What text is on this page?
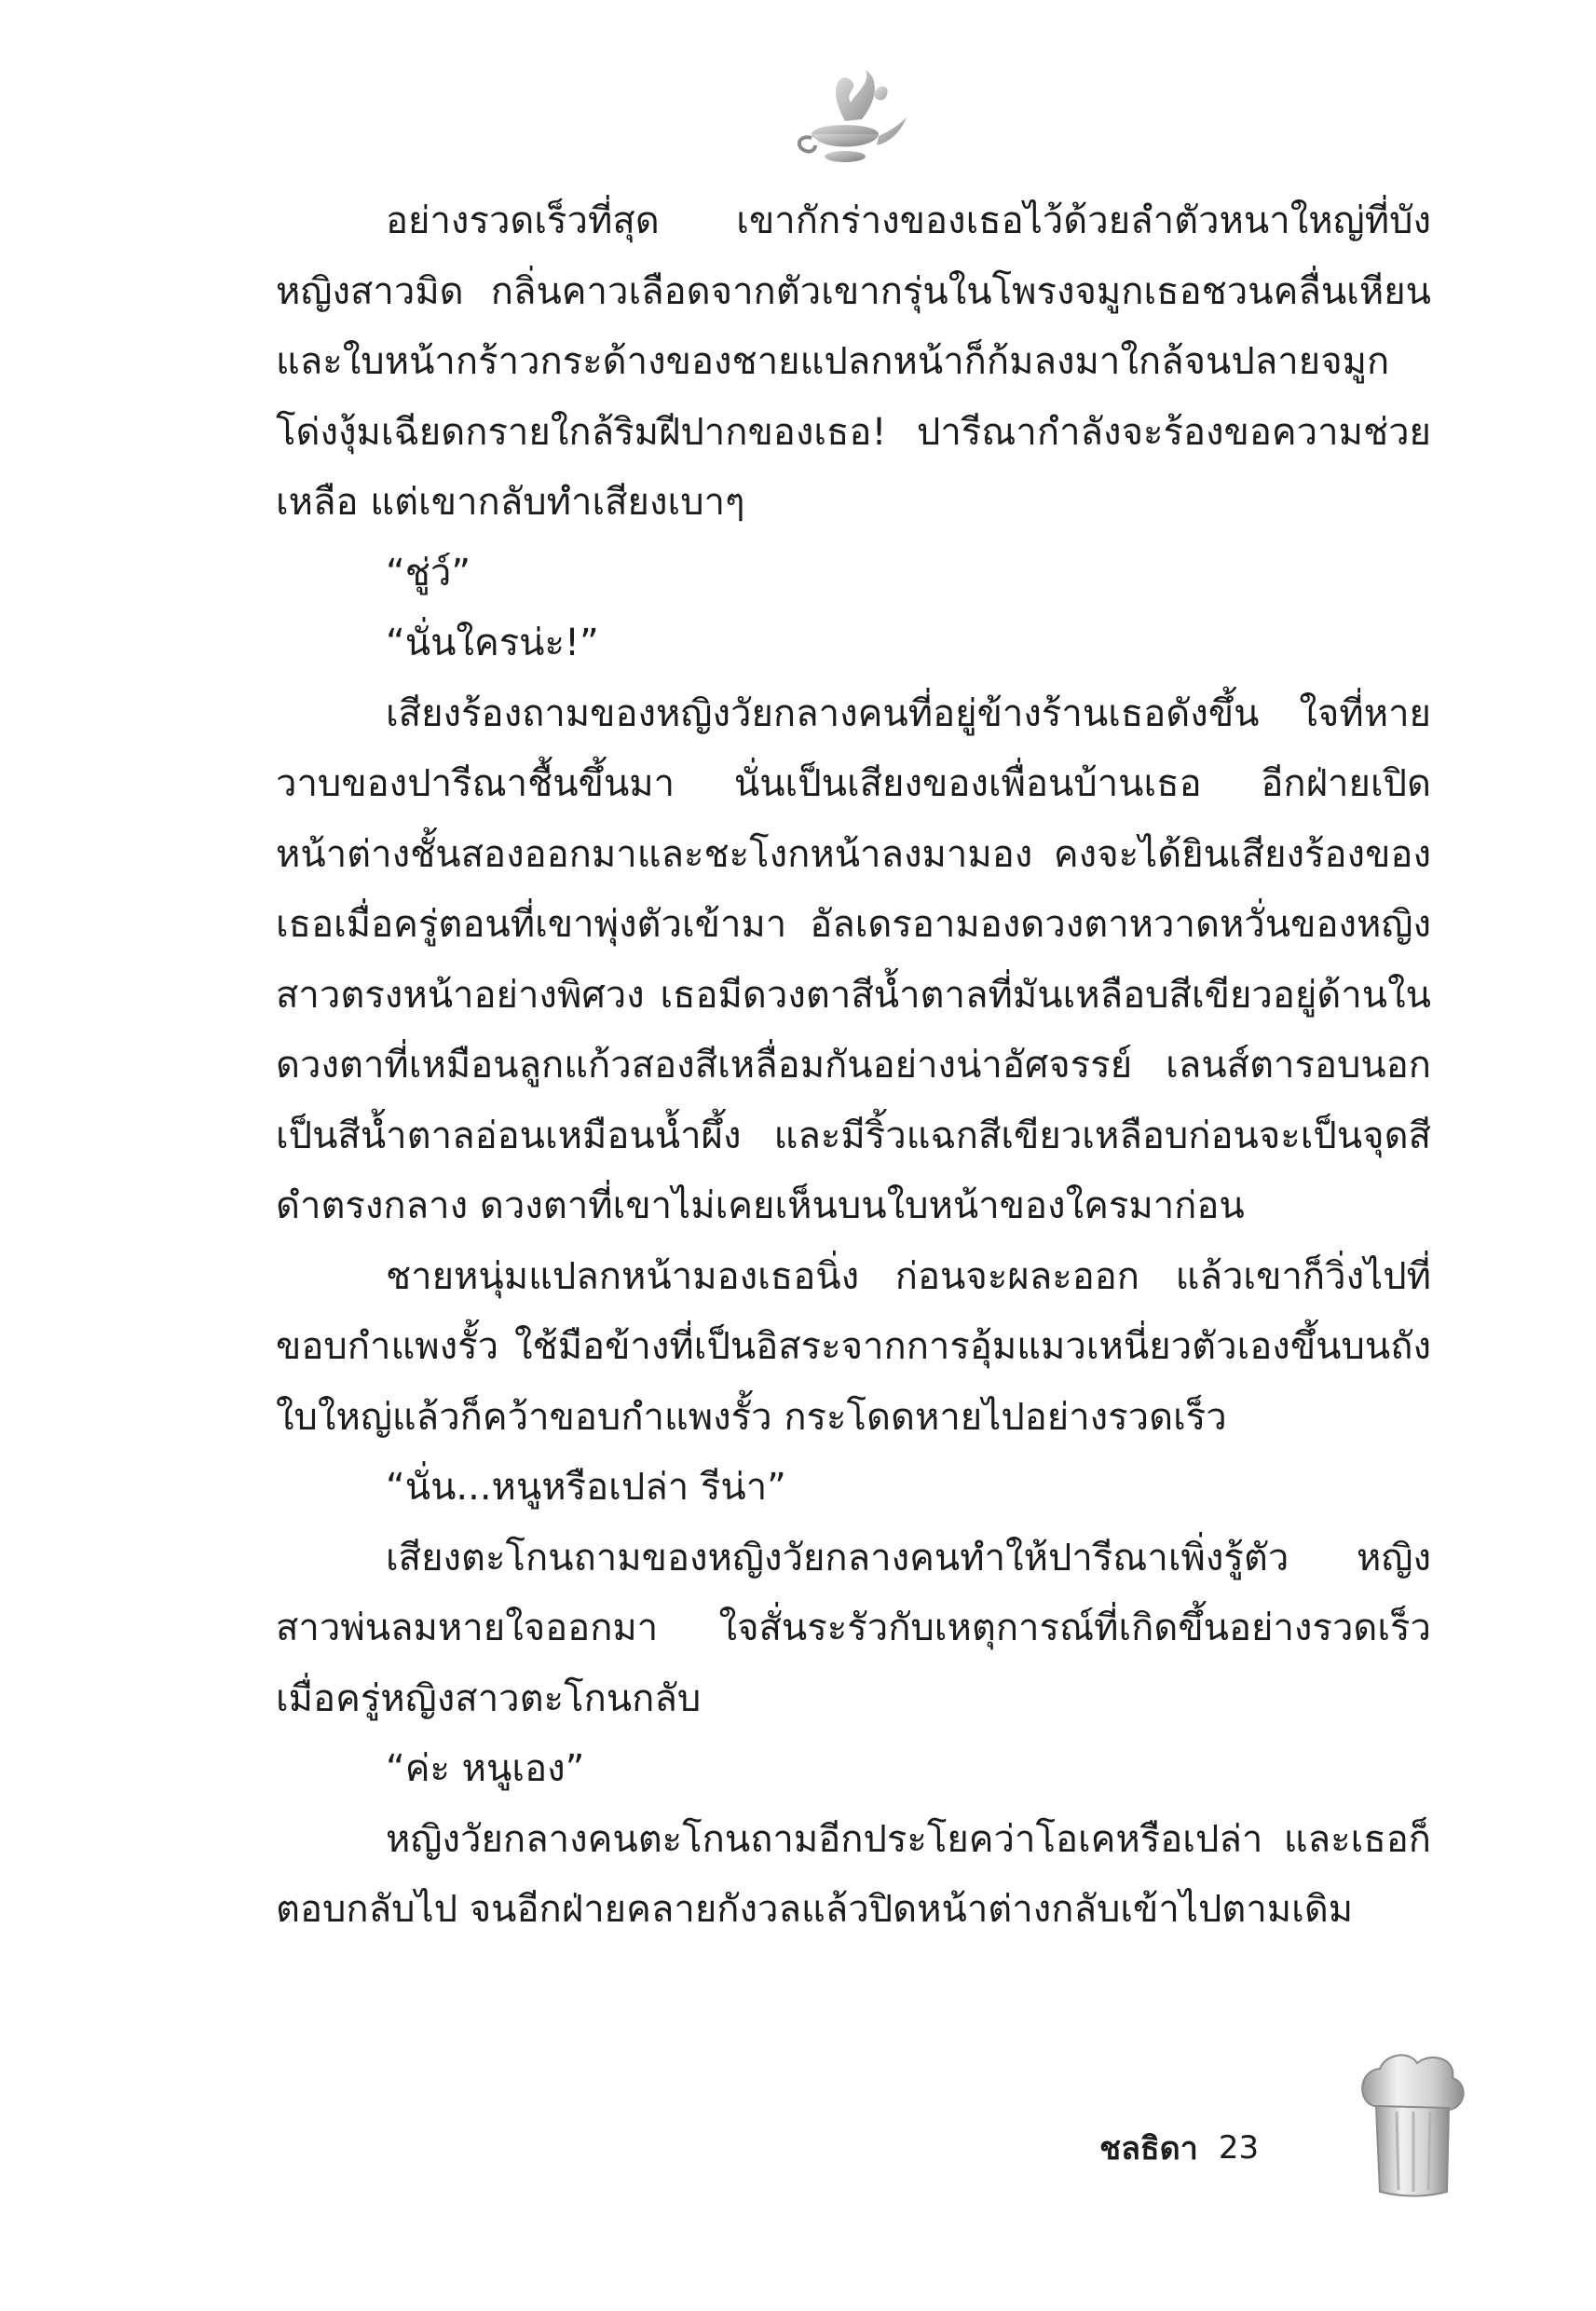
อย่างรวดเร็วที่สุด เขากักร่างของเธอไว้ด้วยลำตัวหนาใหญ่ที่บังหญิงสาวมิด กลิ่นคาวเลือดจากตัวเขากรุ่นในโพรงจมูกเธอชวนคลื่นเหียน และใบหน้ากร้าวกระด้างของชายแปลกหน้าก็ก้มลงมาใกล้จนปลายจมูกโด่งงุ้มเฉียดกรายใกล้ริมฝีปากของเธอ! ปารีณากำลังจะร้องขอความช่วยเหลือ แต่เขากลับทำเสียงเบาๆ

“ชู่ว์”

“นั่นใครน่ะ!”

เสียงร้องถามของหญิงวัยกลางคนที่อยู่ข้างร้านเธอดังขึ้น ใจที่หายวาบของปารีณาชื้นขึ้นมา นั่นเป็นเสียงของเพื่อนบ้านเธอ อีกฝ่ายเปิดหน้าต่างชั้นสองออกมาและชะโงกหน้าลงมามอง คงจะได้ยินเสียงร้องของเธอเมื่อครู่ตอนที่เขาพุ่งตัวเข้ามา อัลเดรอามองดวงตาหวาดหวั่นของหญิงสาวตรงหน้าอย่างพิศวง เธอมีดวงตาสีน้ำตาลที่มันเหลือบสีเขียวอยู่ด้านใน ดวงตาที่เหมือนลูกแก้วสองสีเหลื่อมกันอย่างน่าอัศจรรย์ เลนส์ตารอบนอกเป็นสีน้ำตาลอ่อนเหมือนน้ำผึ้ง และมีริ้วแฉกสีเขียวเหลือบก่อนจะเป็นจุดสีดำตรงกลาง ดวงตาที่เขาไม่เคยเห็นบนใบหน้าของใครมาก่อน

ชายหนุ่มแปลกหน้ามองเธอนิ่ง ก่อนจะผละออก แล้วเขาก็วิ่งไปที่ขอบกำแพงรั้ว ใช้มือข้างที่เป็นอิสระจากการอุ้มแมวเหนี่ยวตัวเองขึ้นบนถังใบใหญ่แล้วก็คว้าขอบกำแพงรั้ว กระโดดหายไปอย่างรวดเร็ว

“นั่น...หนูหรือเปล่า รีน่า”

เสียงตะโกนถามของหญิงวัยกลางคนทำให้ปารีณาเพิ่งรู้ตัว หญิงสาวพ่นลมหายใจออกมา ใจสั่นระรัวกับเหตุการณ์ที่เกิดขึ้นอย่างรวดเร็วเมื่อครู่หญิงสาวตะโกนกลับ

“ค่ะ หนูเอง”

หญิงวัยกลางคนตะโกนถามอีกประโยคว่าโอเคหรือเปล่า และเธอก็ตอบกลับไป จนอีกฝ่ายคลายกังวลแล้วปิดหน้าต่างกลับเข้าไปตามเดิม

ชลธิดา 23
